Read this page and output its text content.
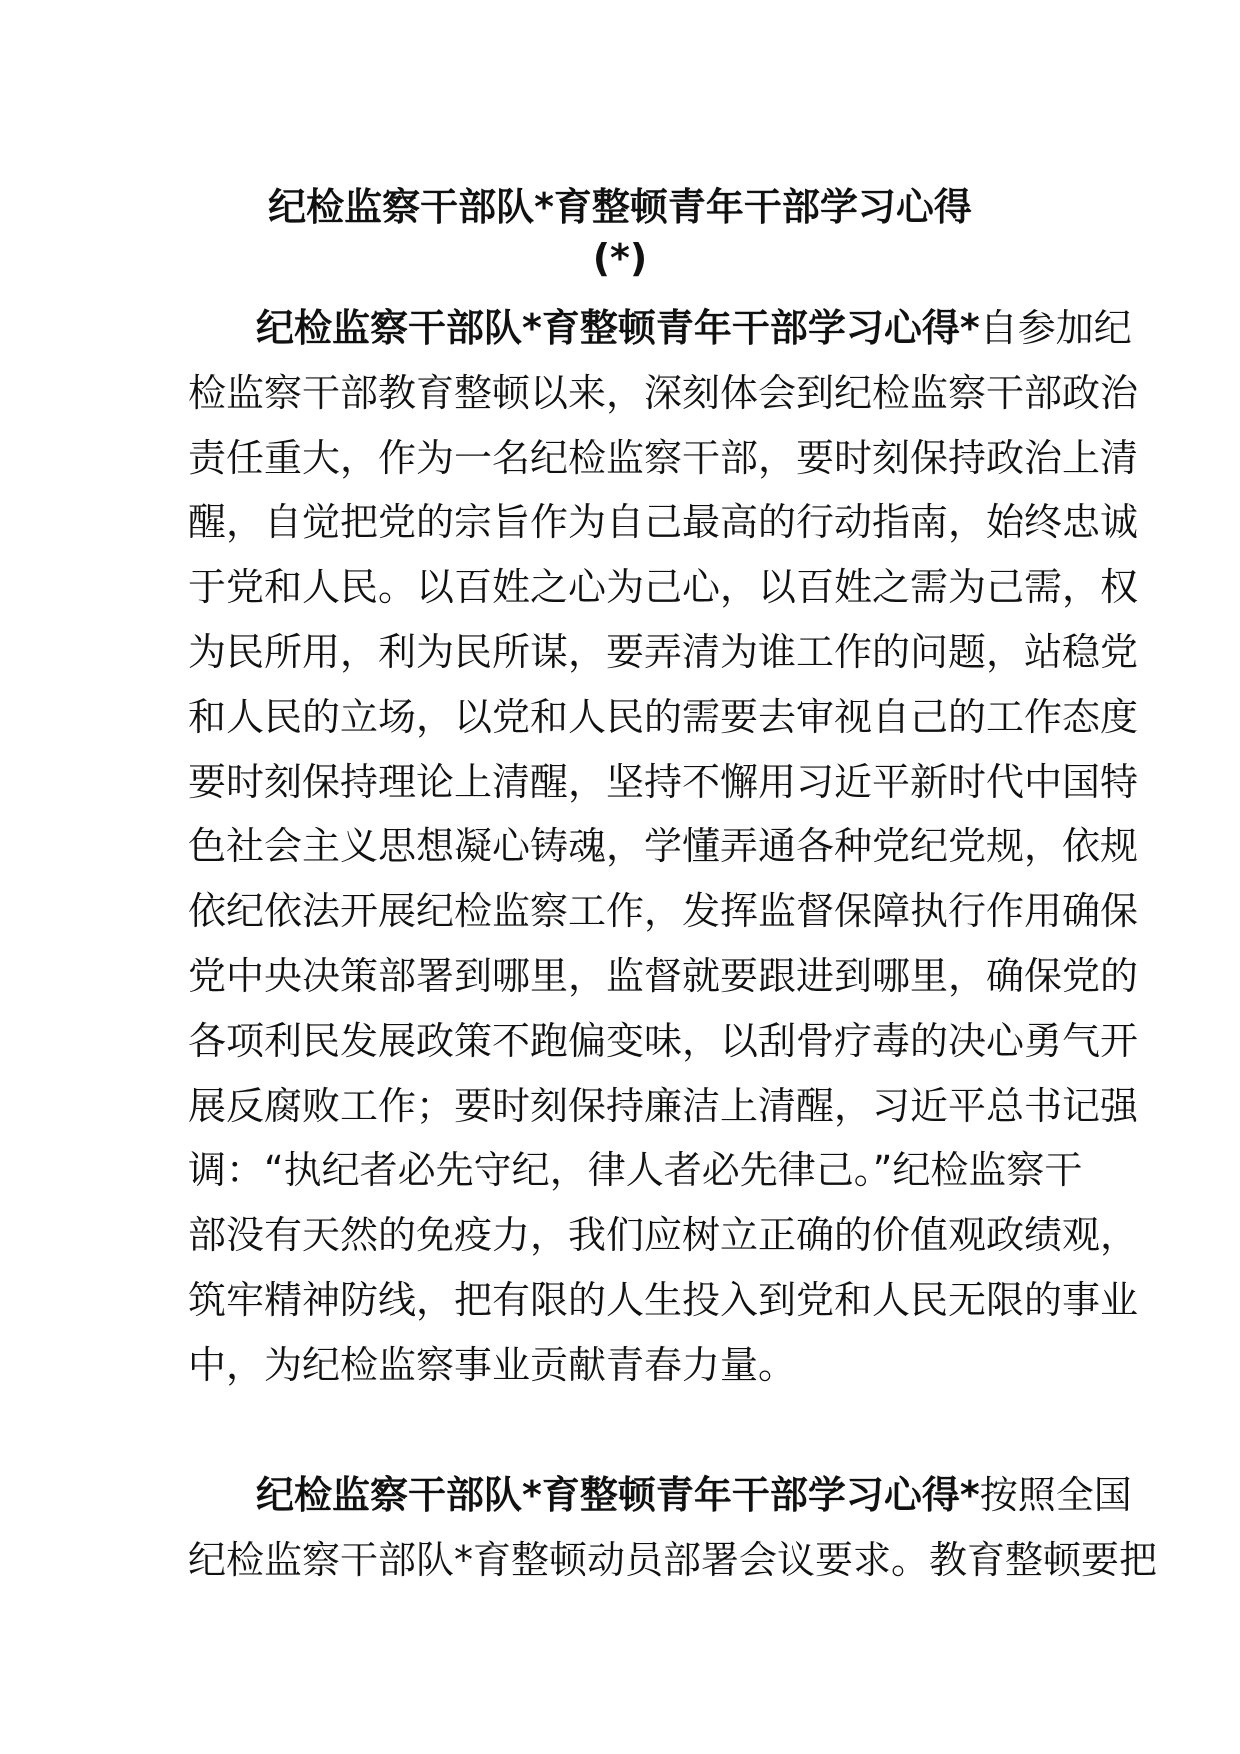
纪检监察干部队*育整顿青年干部学习心得
(*)
纪检监察干部队*育整顿青年干部学习心得*自参加纪
检监察干部教育整顿以来，深刻体会到纪检监察干部政治
责任重大，作为一名纪检监察干部，要时刻保持政治上清
醒，自觉把党的宗旨作为自己最高的行动指南，始终忠诚
于党和人民。以百姓之心为己心，以百姓之需为己需，权
为民所用，利为民所谋，要弄清为谁工作的问题，站稳党
和人民的立场，以党和人民的需要去审视自己的工作态度
要时刻保持理论上清醒，坚持不懈用习近平新时代中国特
色社会主义思想凝心铸魂，学懂弄通各种党纪党规，依规
依纪依法开展纪检监察工作，发挥监督保障执行作用确保
党中央决策部署到哪里，监督就要跟进到哪里，确保党的
各项利民发展政策不跑偏变味，以刮骨疗毒的决心勇气开
展反腐败工作；要时刻保持廉洁上清醒，习近平总书记强
调：“执纪者必先守纪，律人者必先律己。”纪检监察干
部没有天然的免疫力，我们应树立正确的价值观政绩观，
筑牢精神防线，把有限的人生投入到党和人民无限的事业
中，为纪检监察事业贡献青春力量。
纪检监察干部队*育整顿青年干部学习心得*按照全国
纪检监察干部队*育整顿动员部署会议要求。教育整顿要把
